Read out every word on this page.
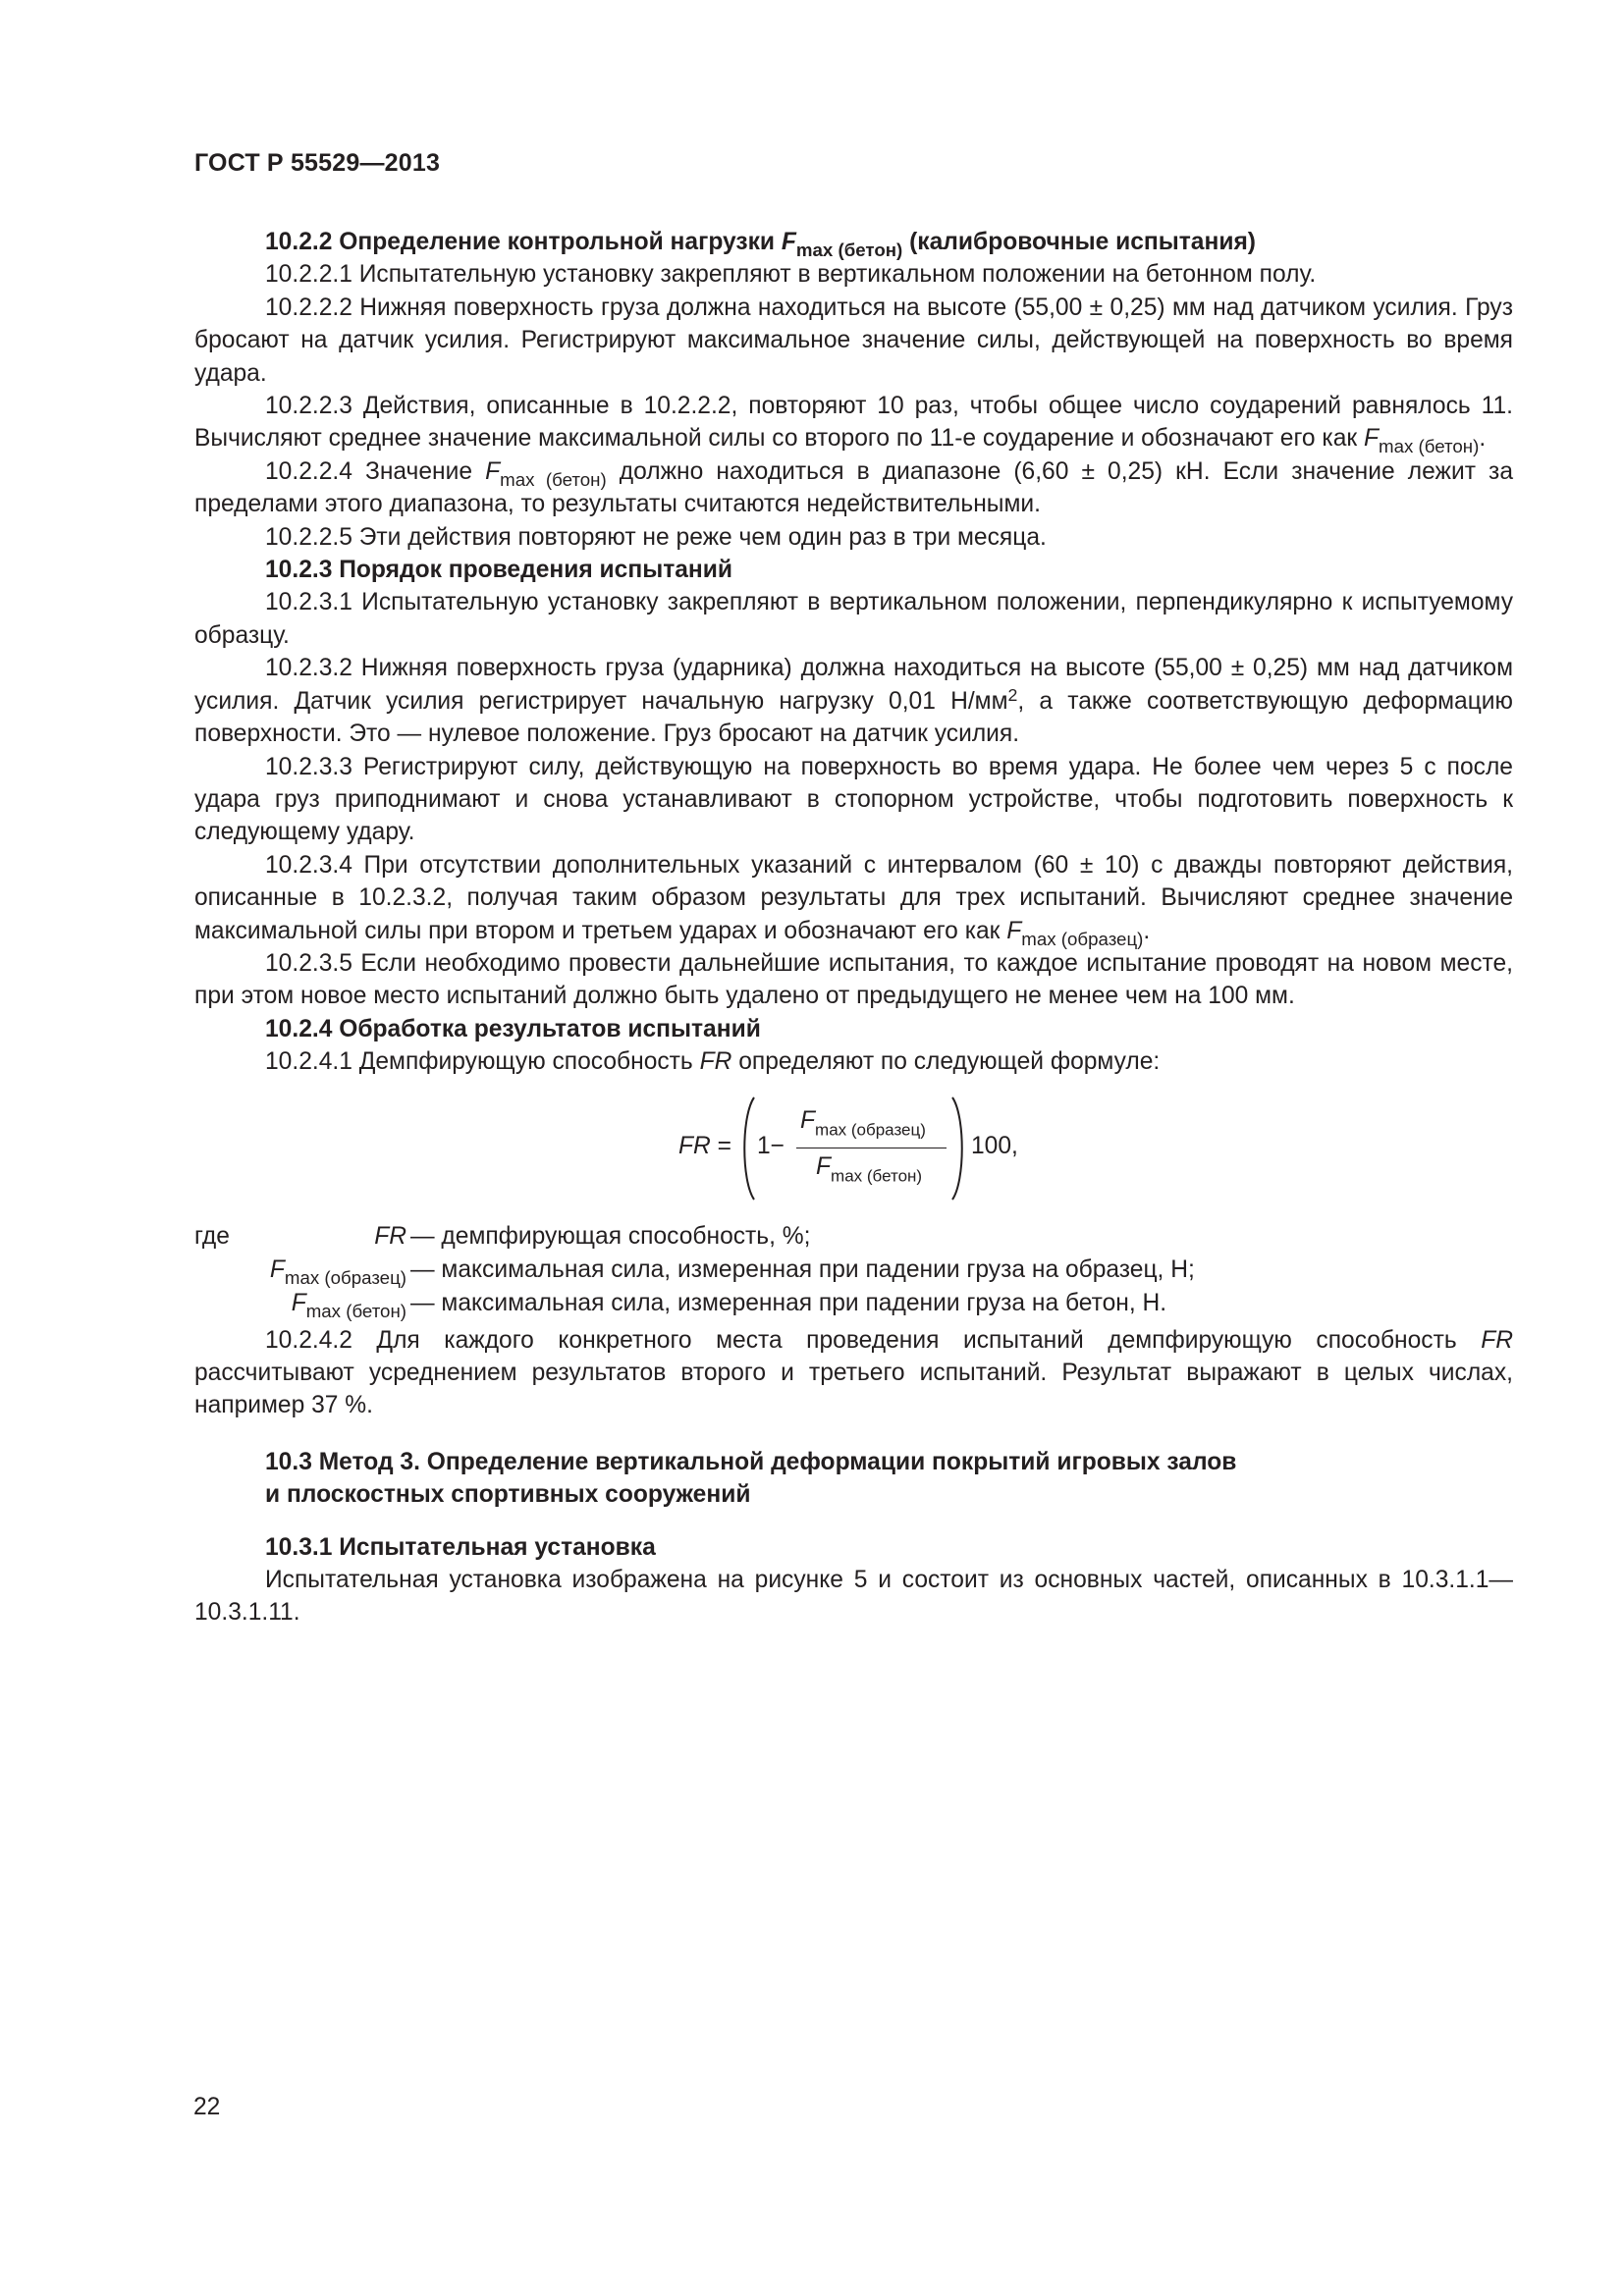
ГОСТ Р 55529—2013

10.2.2 Определение контрольной нагрузки $F_{max (бетон)}$ (калибровочные испытания)

10.2.2.1 Испытательную установку закрепляют в вертикальном положении на бетонном полу.

10.2.2.2 Нижняя поверхность груза должна находиться на высоте (55,00 ± 0,25) мм над датчиком усилия. Груз бросают на датчик усилия. Регистрируют максимальное значение силы, действующей на поверхность во время удара.

10.2.2.3 Действия, описанные в 10.2.2.2, повторяют 10 раз, чтобы общее число соударений равнялось 11. Вычисляют среднее значение максимальной силы со второго по 11-е соударение и обозначают его как $F_{max (бетон)}$.

10.2.2.4 Значение $F_{max (бетон)}$ должно находиться в диапазоне (6,60 ± 0,25) кН. Если значение лежит за пределами этого диапазона, то результаты считаются недействительными.

10.2.2.5 Эти действия повторяют не реже чем один раз в три месяца.

10.2.3 Порядок проведения испытаний

10.2.3.1 Испытательную установку закрепляют в вертикальном положении, перпендикулярно к испытуемому образцу.

10.2.3.2 Нижняя поверхность груза (ударника) должна находиться на высоте (55,00 ± 0,25) мм над датчиком усилия. Датчик усилия регистрирует начальную нагрузку 0,01 $Н/мм^2$, а также соответствующую деформацию поверхности. Это — нулевое положение. Груз бросают на датчик усилия.

10.2.3.3 Регистрируют силу, действующую на поверхность во время удара. Не более чем через 5 с после удара груз приподнимают и снова устанавливают в стопорном устройстве, чтобы подготовить поверхность к следующему удару.

10.2.3.4 При отсутствии дополнительных указаний с интервалом (60 ± 10) с дважды повторяют действия, описанные в 10.2.3.2, получая таким образом результаты для трех испытаний. Вычисляют среднее значение максимальной силы при втором и третьем ударах и обозначают его как $F_{max (образец)}$.

10.2.3.5 Если необходимо провести дальнейшие испытания, то каждое испытание проводят на новом месте, при этом новое место испытаний должно быть удалено от предыдущего не менее чем на 100 мм.

10.2.4 Обработка результатов испытаний

10.2.4.1 Демпфирующую способность FR определяют по следующей формуле:

FR = 1−
$F_{max (образец)}$
$F_{max (бетон)}$
100,
где	FR — демпфирующая способность, %;
$F_{max (образец)}$ — максимальная сила, измеренная при падении груза на образец, Н;
$F_{max (бетон)}$ — максимальная сила, измеренная при падении груза на бетон, Н.

10.2.4.2 Для каждого конкретного места проведения испытаний демпфирующую способность FR рассчитывают усреднением результатов второго и третьего испытаний. Результат выражают в целых числах, например 37 %.

10.3 Метод 3. Определение вертикальной деформации покрытий игровых залов
и плоскостных спортивных сооружений

10.3.1 Испытательная установка

Испытательная установка изображена на рисунке 5 и состоит из основных частей, описанных в 10.3.1.1—10.3.1.11.

22
